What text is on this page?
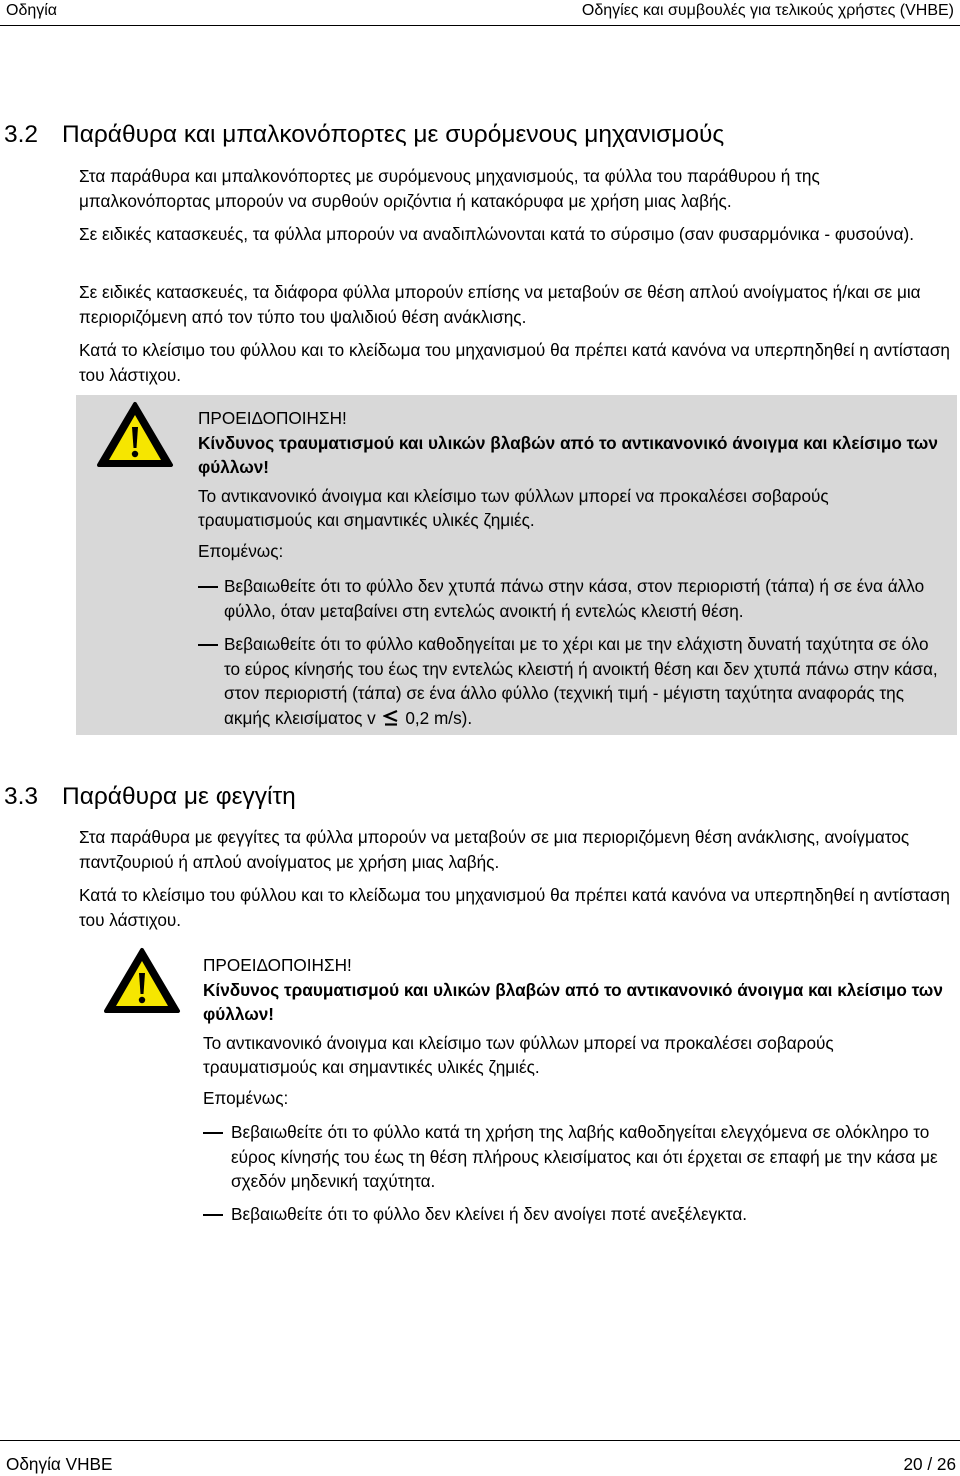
Οδηγία	Οδηγίες και συμβουλές για τελικούς χρήστες (VHBE)
3.2 Παράθυρα και μπαλκονόπορτες με συρόμενους μηχανισμούς
Στα παράθυρα και μπαλκονόπορτες με συρόμενους μηχανισμούς, τα φύλλα του παράθυρου ή της μπαλκονόπορτας μπορούν να συρθούν οριζόντια ή κατακόρυφα με χρήση μιας λαβής.
Σε ειδικές κατασκευές, τα φύλλα μπορούν να αναδιπλώνονται κατά το σύρσιμο (σαν φυσαρμόνικα - φυσούνα).
Σε ειδικές κατασκευές, τα διάφορα φύλλα μπορούν επίσης να μεταβούν σε θέση απλού ανοίγματος ή/και σε μια περιοριζόμενη από τον τύπο του ψαλιδιού θέση ανάκλισης.
Κατά το κλείσιμο του φύλλου και το κλείδωμα του μηχανισμού θα πρέπει κατά κανόνα να υπερπηδηθεί η αντίσταση του λάστιχου.
ΠΡΟΕΙΔΟΠΟΙΗΣΗ!
Κίνδυνος τραυματισμού και υλικών βλαβών από το αντικανονικό άνοιγμα και κλείσιμο των φύλλων!
Το αντικανονικό άνοιγμα και κλείσιμο των φύλλων μπορεί να προκαλέσει σοβαρούς τραυματισμούς και σημαντικές υλικές ζημιές.
Επομένως:
Βεβαιωθείτε ότι το φύλλο δεν χτυπά πάνω στην κάσα, στον περιοριστή (τάπα) ή σε ένα άλλο φύλλο, όταν μεταβαίνει στη εντελώς ανοικτή ή εντελώς κλειστή θέση.
Βεβαιωθείτε ότι το φύλλο καθοδηγείται με το χέρι και με την ελάχιστη δυνατή ταχύτητα σε όλο το εύρος κίνησής του έως την εντελώς κλειστή ή ανοικτή θέση και δεν χτυπά πάνω στην κάσα, στον περιοριστή (τάπα) σε ένα άλλο φύλλο (τεχνική τιμή - μέγιστη ταχύτητα αναφοράς της ακμής κλεισίματος v 0,2 m/s).
3.3 Παράθυρα με φεγγίτη
Στα παράθυρα με φεγγίτες τα φύλλα μπορούν να μεταβούν σε μια περιοριζόμενη θέση ανάκλισης, ανοίγματος παντζουριού ή απλού ανοίγματος με χρήση μιας λαβής.
Κατά το κλείσιμο του φύλλου και το κλείδωμα του μηχανισμού θα πρέπει κατά κανόνα να υπερπηδηθεί η αντίσταση του λάστιχου.
ΠΡΟΕΙΔΟΠΟΙΗΣΗ!
Κίνδυνος τραυματισμού και υλικών βλαβών από το αντικανονικό άνοιγμα και κλείσιμο των φύλλων!
Το αντικανονικό άνοιγμα και κλείσιμο των φύλλων μπορεί να προκαλέσει σοβαρούς τραυματισμούς και σημαντικές υλικές ζημιές.
Επομένως:
Βεβαιωθείτε ότι το φύλλο κατά τη χρήση της λαβής καθοδηγείται ελεγχόμενα σε ολόκληρο το εύρος κίνησής του έως τη θέση πλήρους κλεισίματος και ότι έρχεται σε επαφή με την κάσα με σχεδόν μηδενική ταχύτητα.
Βεβαιωθείτε ότι το φύλλο δεν κλείνει ή δεν ανοίγει ποτέ ανεξέλεγκτα.
Οδηγία VHBE	20 / 26
